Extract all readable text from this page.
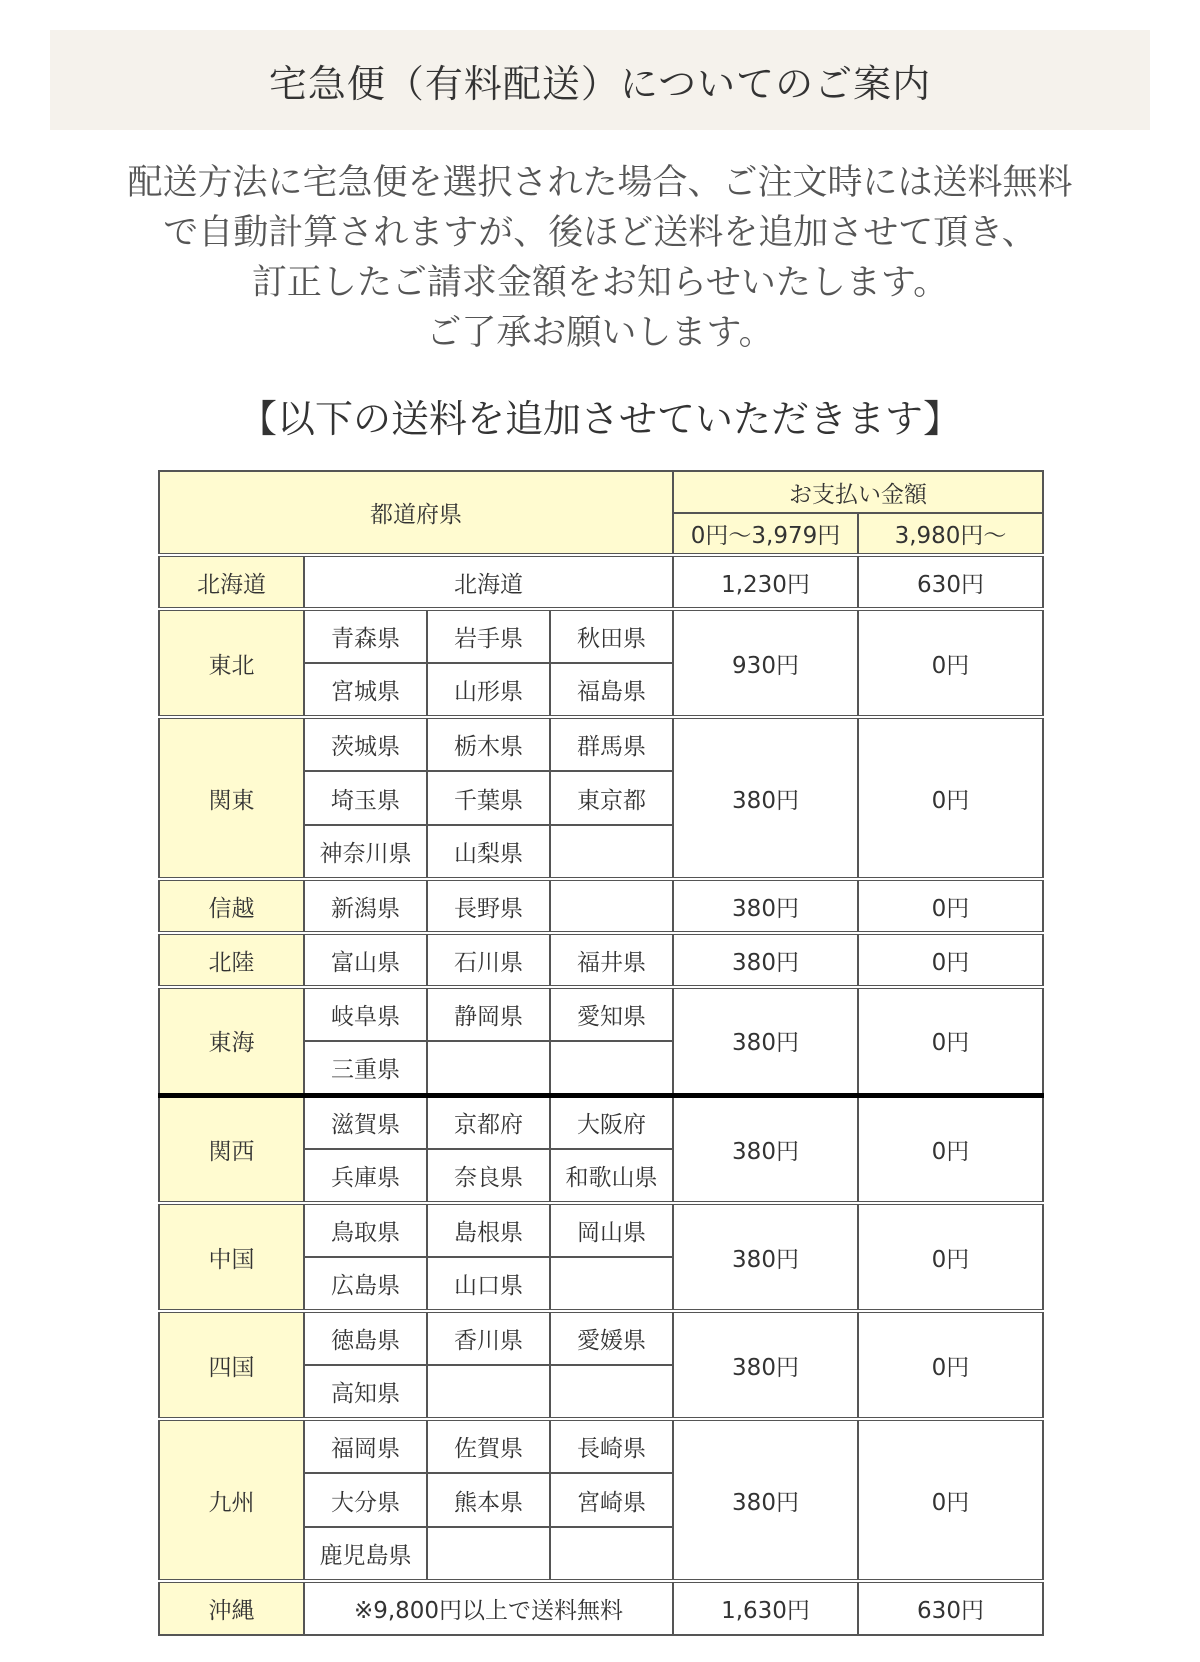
宅急便（有料配送）についてのご案内
配送方法に宅急便を選択された場合、ご注文時には送料無料
で自動計算されますが、後ほど送料を追加させて頂き、
訂正したご請求金額をお知らせいたします。
ご了承お願いします。
【以下の送料を追加させていただきます】
都道府県				お支払い金額	
				0円～3,979円	3,980円～
北海道	北海道			1,230円	630円
東北	青森県	岩手県	秋田県	930円	0円
	宮城県	山形県	福島県		
関東	茨城県	栃木県	群馬県	380円	0円
	埼玉県	千葉県	東京都		
	神奈川県	山梨県			
信越	新潟県	長野県		380円	0円
北陸	富山県	石川県	福井県	380円	0円
東海	岐阜県	静岡県	愛知県	380円	0円
	三重県				
関西	滋賀県	京都府	大阪府	380円	0円
	兵庫県	奈良県	和歌山県		
中国	鳥取県	島根県	岡山県	380円	0円
	広島県	山口県			
四国	徳島県	香川県	愛媛県	380円	0円
	高知県				
九州	福岡県	佐賀県	長崎県	380円	0円
	大分県	熊本県	宮崎県		
	鹿児島県				
沖縄	※9,800円以上で送料無料			1,630円	630円
